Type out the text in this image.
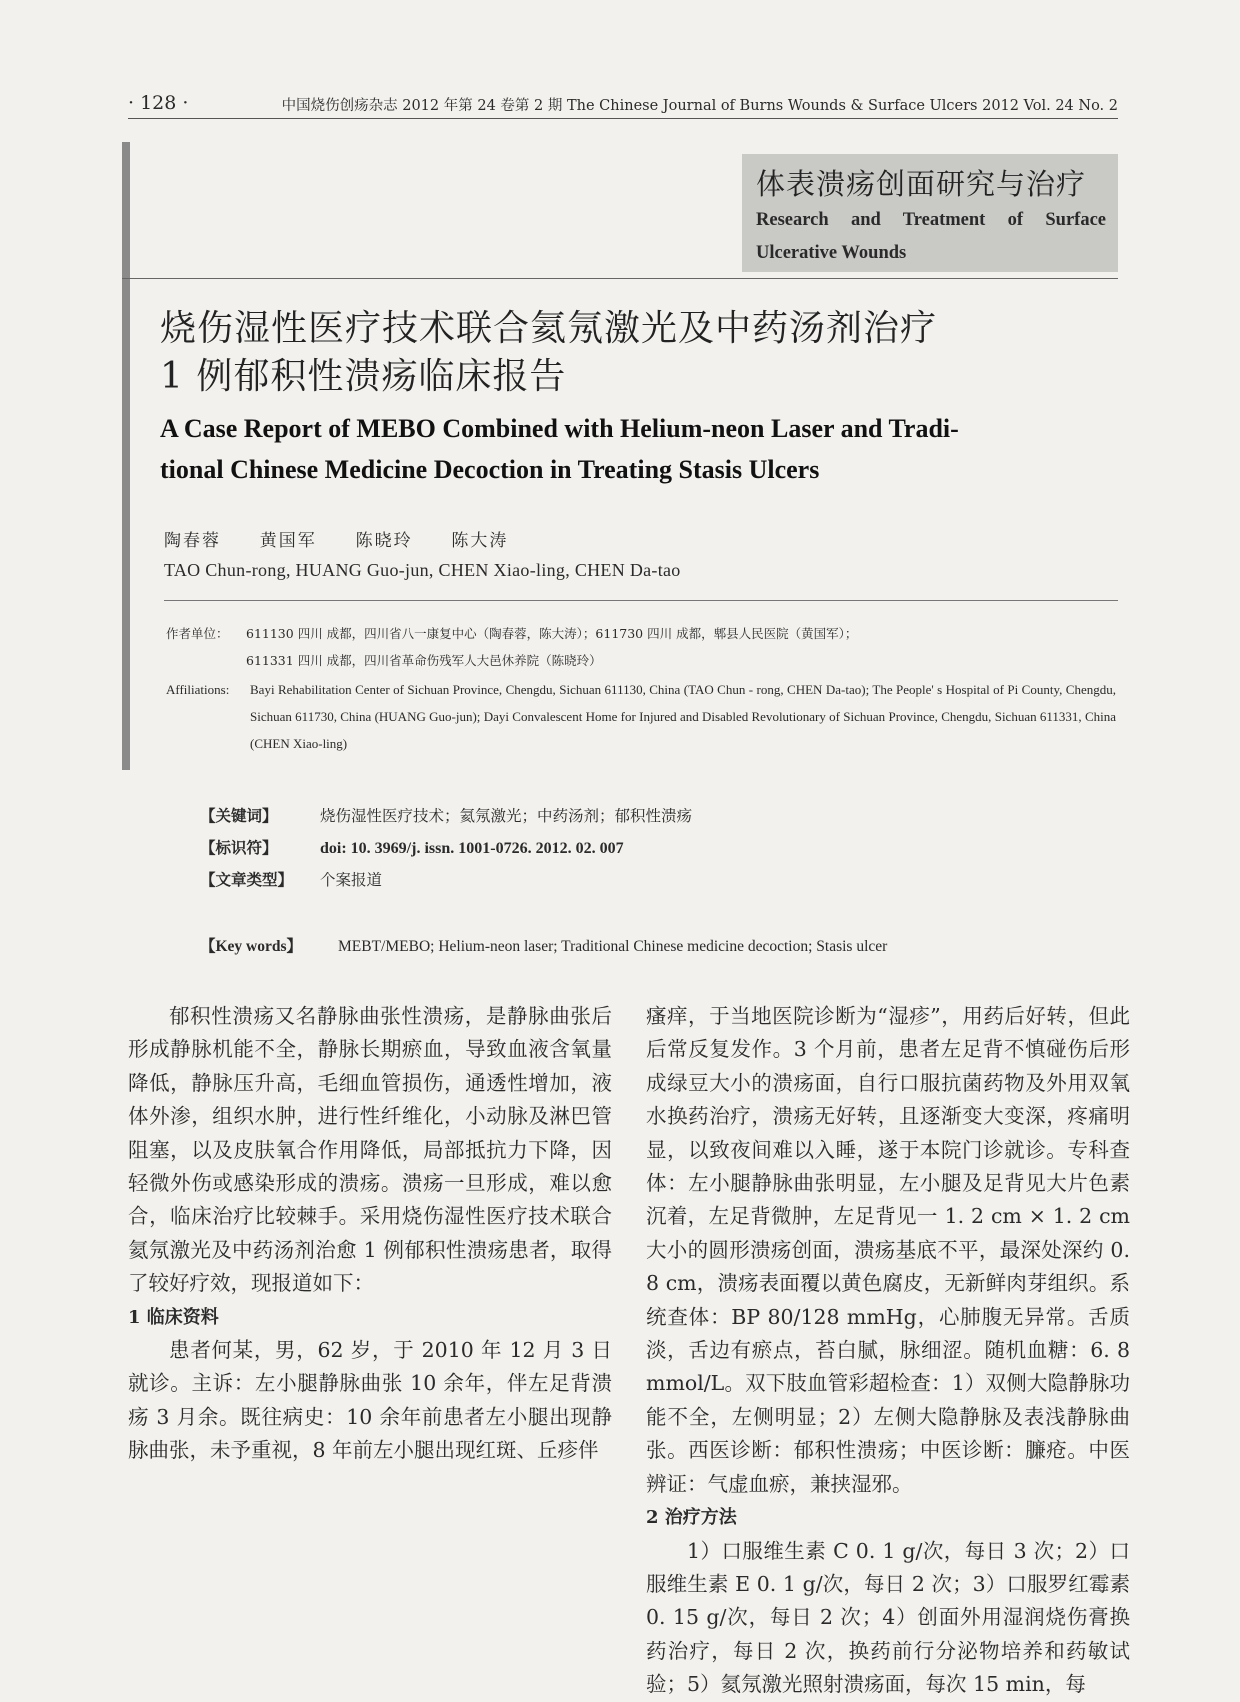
· 128 ·	中国烧伤创疡杂志 2012 年第 24 卷第 2 期 The Chinese Journal of Burns Wounds & Surface Ulcers 2012 Vol. 24 No. 2
体表溃疡创面研究与治疗
Research and Treatment of Surface Ulcerative Wounds
烧伤湿性医疗技术联合氦氖激光及中药汤剂治疗
1 例郁积性溃疡临床报告
A Case Report of MEBO Combined with Helium-neon Laser and Tradi-
tional Chinese Medicine Decoction in Treating Stasis Ulcers
陶春蓉  黄国军  陈晓玲  陈大涛
TAO Chun-rong, HUANG Guo-jun, CHEN Xiao-ling, CHEN Da-tao
作者单位： 611130 四川 成都，四川省八一康复中心（陶春蓉，陈大涛）；611730 四川 成都，郫县人民医院（黄国军）；
611331 四川 成都，四川省革命伤残军人大邑休养院（陈晓玲）
Affiliations: Bayi Rehabilitation Center of Sichuan Province, Chengdu, Sichuan 611130, China (TAO Chun - rong, CHEN Da-tao); The People' s Hospital of Pi County, Chengdu, Sichuan 611730, China (HUANG Guo-jun); Dayi Convalescent Home for Injured and Disabled Revolutionary of Sichuan Province, Chengdu, Sichuan 611331, China (CHEN Xiao-ling)
【关键词】	烧伤湿性医疗技术；氦氖激光；中药汤剂；郁积性溃疡
【标识符】	doi: 10. 3969/j. issn. 1001-0726. 2012. 02. 007
【文章类型】 个案报道
【Key words】 MEBT/MEBO; Helium-neon laser; Traditional Chinese medicine decoction; Stasis ulcer

郁积性溃疡又名静脉曲张性溃疡，是静脉曲张后形成静脉机能不全，静脉长期瘀血，导致血液含氧量降低，静脉压升高，毛细血管损伤，通透性增加，液体外渗，组织水肿，进行性纤维化，小动脉及淋巴管阻塞，以及皮肤氧合作用降低，局部抵抗力下降，因轻微外伤或感染形成的溃疡。溃疡一旦形成，难以愈合，临床治疗比较棘手。采用烧伤湿性医疗技术联合氦氖激光及中药汤剂治愈 1 例郁积性溃疡患者，取得了较好疗效，现报道如下：

1 临床资料

患者何某，男，62 岁，于 2010 年 12 月 3 日就诊。主诉：左小腿静脉曲张 10 余年，伴左足背溃疡 3 月余。既往病史：10 余年前患者左小腿出现静脉曲张，未予重视，8 年前左小腿出现红斑、丘疹伴

瘙痒，于当地医院诊断为“湿疹”，用药后好转，但此后常反复发作。3 个月前，患者左足背不慎碰伤后形成绿豆大小的溃疡面，自行口服抗菌药物及外用双氧水换药治疗，溃疡无好转，且逐渐变大变深，疼痛明显，以致夜间难以入睡，遂于本院门诊就诊。专科查体：左小腿静脉曲张明显，左小腿及足背见大片色素沉着，左足背微肿，左足背见一 1. 2 cm × 1. 2 cm 大小的圆形溃疡创面，溃疡基底不平，最深处深约 0. 8 cm，溃疡表面覆以黄色腐皮，无新鲜肉芽组织。系统查体：BP 80/128 mmHg，心肺腹无异常。舌质淡，舌边有瘀点，苔白腻，脉细涩。随机血糖：6. 8 mmol/L。双下肢血管彩超检查：1）双侧大隐静脉功能不全，左侧明显；2）左侧大隐静脉及表浅静脉曲张。西医诊断：郁积性溃疡；中医诊断：臁疮。中医辨证：气虚血瘀，兼挟湿邪。

2 治疗方法

1）口服维生素 C 0. 1 g/次，每日 3 次；2）口服维生素 E 0. 1 g/次，每日 2 次；3）口服罗红霉素 0. 15 g/次，每日 2 次；4）创面外用湿润烧伤膏换药治疗，每日 2 次，换药前行分泌物培养和药敏试验；5）氦氖激光照射溃疡面，每次 15 min，每
